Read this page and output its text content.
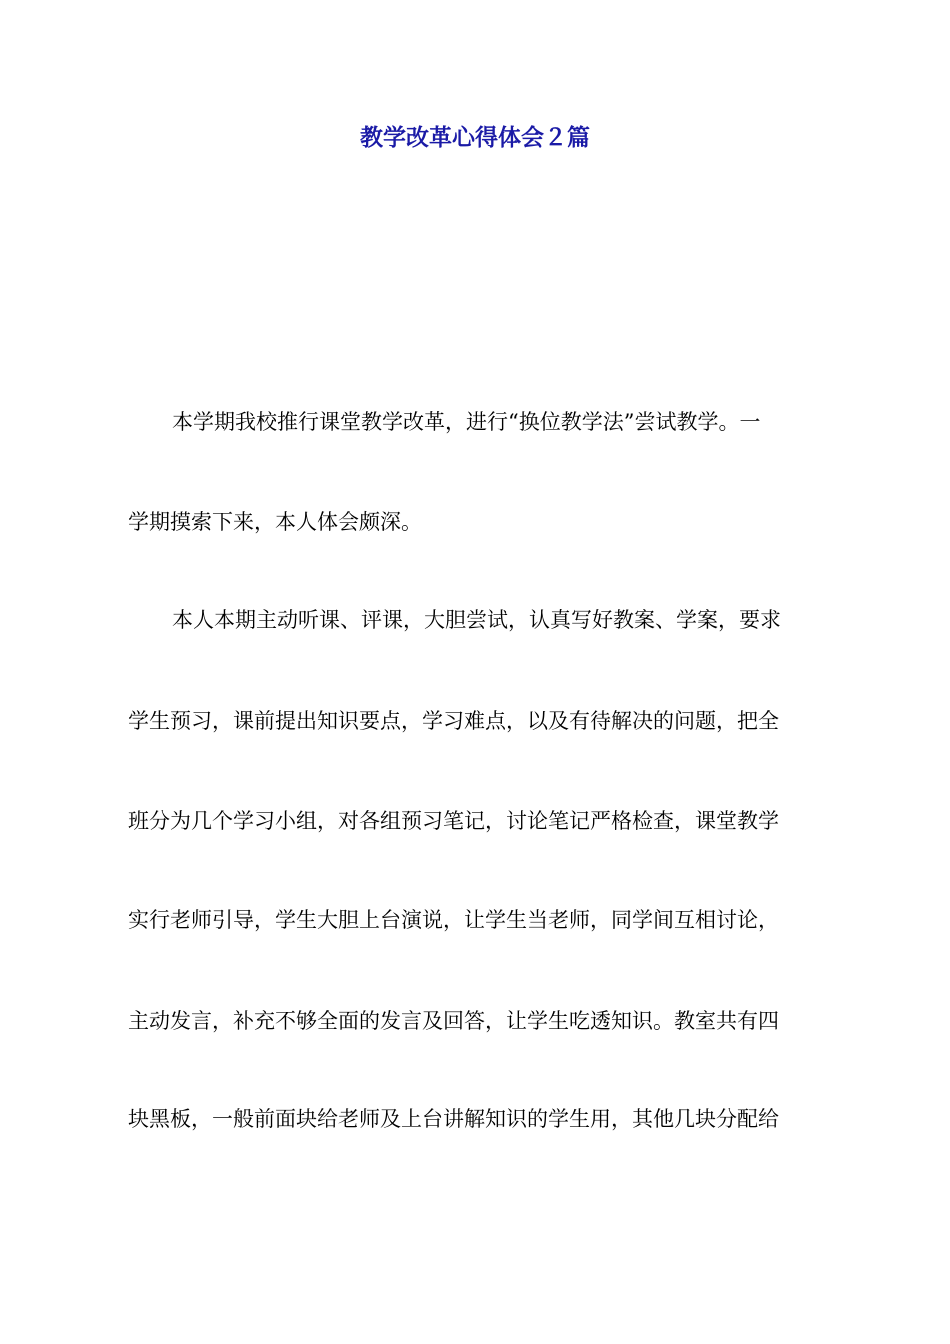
教学改革心得体会２篇

本学期我校推行课堂教学改革，进行“换位教学法”尝试教学。一

学期摸索下来，本人体会颇深。

本人本期主动听课、评课，大胆尝试，认真写好教案、学案，要求

学生预习，课前提出知识要点，学习难点，以及有待解决的问题，把全

班分为几个学习小组，对各组预习笔记，讨论笔记严格检查，课堂教学

实行老师引导，学生大胆上台演说，让学生当老师，同学间互相讨论，

主动发言，补充不够全面的发言及回答，让学生吃透知识。教室共有四

块黑板，一般前面块给老师及上台讲解知识的学生用，其他几块分配给
